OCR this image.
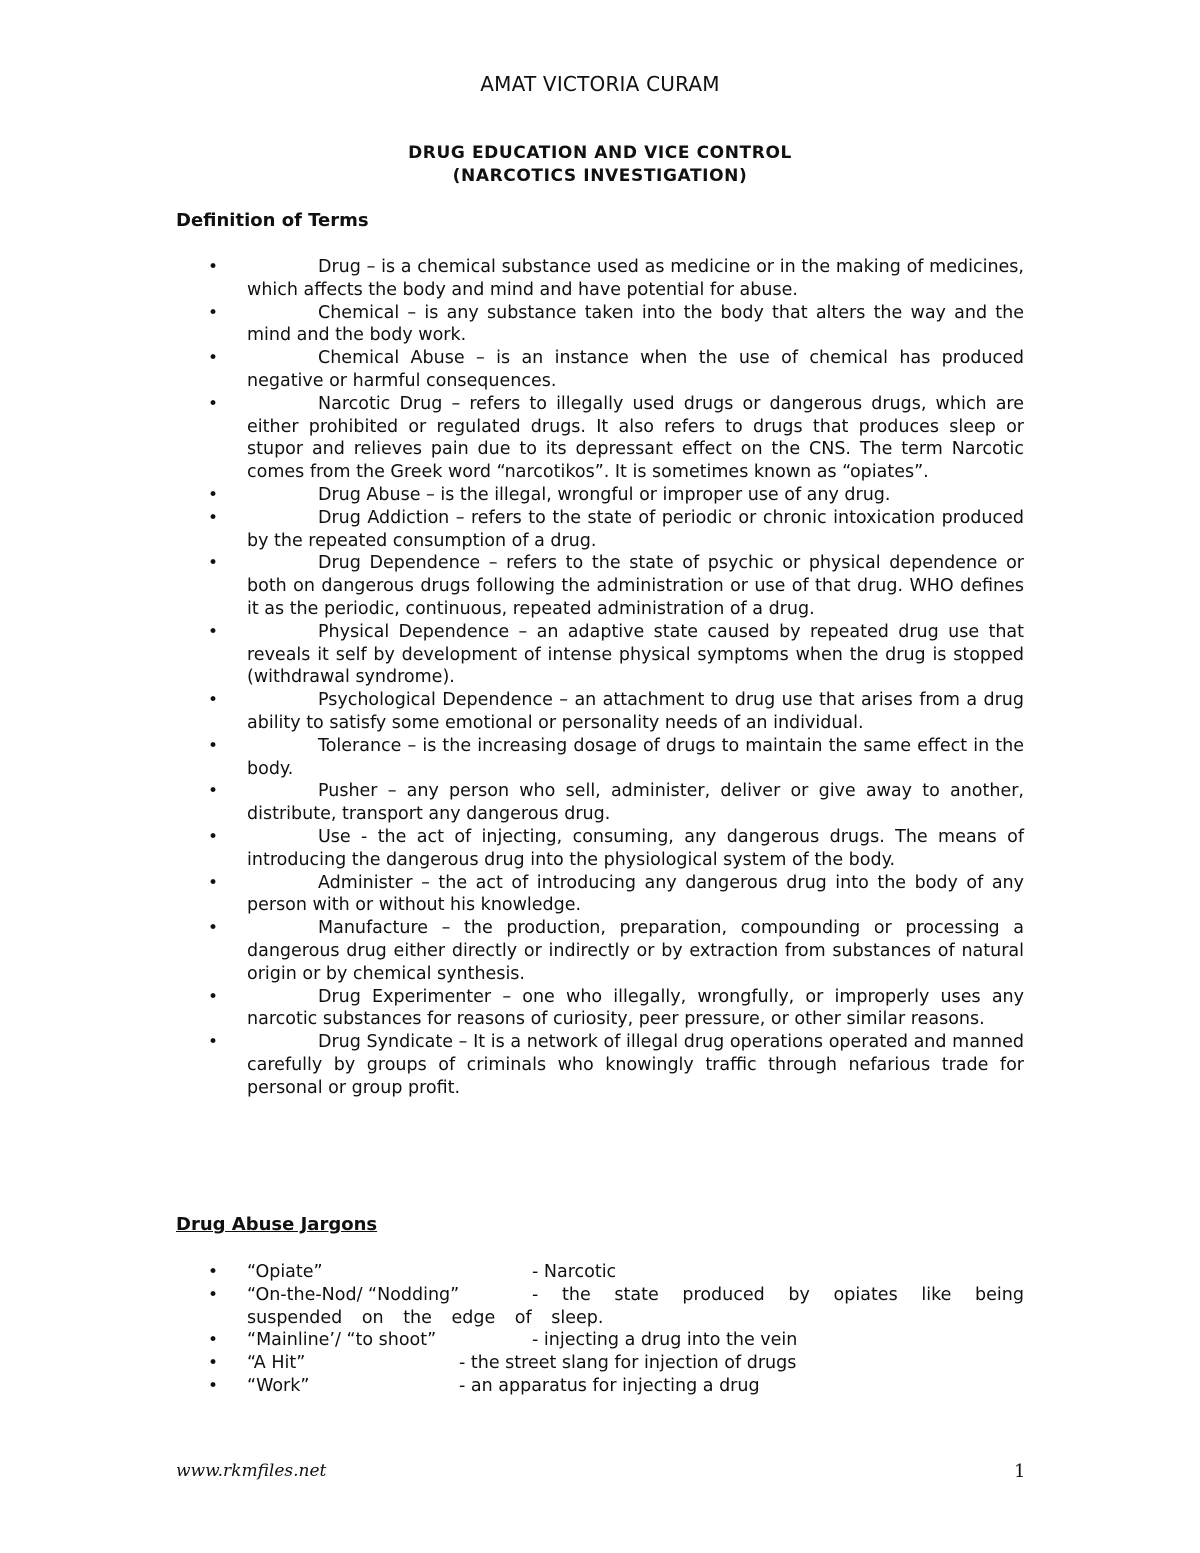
AMAT VICTORIA CURAM
DRUG EDUCATION AND VICE CONTROL
(NARCOTICS INVESTIGATION)
Definition of Terms
•	Drug – is a chemical substance used as medicine or in the making of medicines, which affects the body and mind and have potential for abuse.
•	Chemical – is any substance taken into the body that alters the way and the mind and the body work.
•	Chemical Abuse – is an instance when the use of chemical has produced negative or harmful consequences.
•	Narcotic Drug – refers to illegally used drugs or dangerous drugs, which are either prohibited or regulated drugs. It also refers to drugs that produces sleep or stupor and relieves pain due to its depressant effect on the CNS. The term Narcotic comes from the Greek word “narcotikos”. It is sometimes known as “opiates”.
•	Drug Abuse – is the illegal, wrongful or improper use of any drug.
•	Drug Addiction – refers to the state of periodic or chronic intoxication produced by the repeated consumption of a drug.
•	Drug Dependence – refers to the state of psychic or physical dependence or both on dangerous drugs following the administration or use of that drug. WHO defines it as the periodic, continuous, repeated administration of a drug.
•	Physical Dependence – an adaptive state caused by repeated drug use that reveals it self by development of intense physical symptoms when the drug is stopped (withdrawal syndrome).
•	Psychological Dependence – an attachment to drug use that arises from a drug ability to satisfy some emotional or personality needs of an individual.
•	Tolerance – is the increasing dosage of drugs to maintain the same effect in the body.
•	Pusher – any person who sell, administer, deliver or give away to another, distribute, transport any dangerous drug.
•	Use - the act of injecting, consuming, any dangerous drugs. The means of introducing the dangerous drug into the physiological system of the body.
•	Administer – the act of introducing any dangerous drug into the body of any person with or without his knowledge.
•	Manufacture – the production, preparation, compounding or processing a dangerous drug either directly or indirectly or by extraction from substances of natural origin or by chemical synthesis.
•	Drug Experimenter – one who illegally, wrongfully, or improperly uses any narcotic substances for reasons of curiosity, peer pressure, or other similar reasons.
•	Drug Syndicate – It is a network of illegal drug operations operated and manned carefully by groups of criminals who knowingly traffic through nefarious trade for personal or group profit.
Drug Abuse Jargons
• “Opiate”	- Narcotic
• “On-the-Nod/ “Nodding”	- the state produced by opiates like being suspended on the edge of sleep.
• “Mainline’/ “to shoot”	- injecting a drug into the vein
• “A Hit”	- the street slang for injection of drugs
• “Work”	- an apparatus for injecting a drug
www.rkmfiles.net	1
